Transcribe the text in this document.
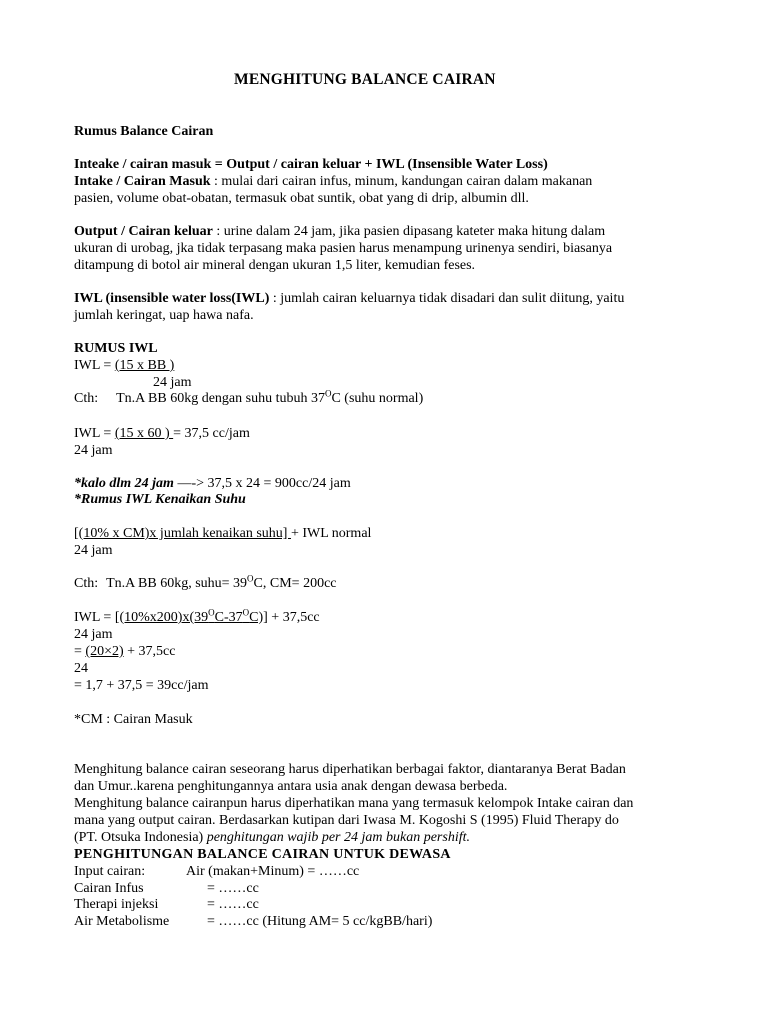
MENGHITUNG BALANCE CAIRAN
Rumus Balance Cairan
Inteake / cairan masuk = Output / cairan keluar + IWL (Insensible Water Loss)
Intake / Cairan Masuk : mulai dari cairan infus, minum, kandungan cairan dalam makanan
pasien, volume obat-obatan, termasuk obat suntik, obat yang di drip, albumin dll.
Output / Cairan keluar : urine dalam 24 jam, jika pasien dipasang kateter maka hitung dalam
ukuran di urobag, jka tidak terpasang maka pasien harus menampung urinenya sendiri, biasanya
ditampung di botol air mineral dengan ukuran 1,5 liter, kemudian feses.
IWL (insensible water loss(IWL) : jumlah cairan keluarnya tidak disadari dan sulit diitung, yaitu
jumlah keringat, uap hawa nafa.
RUMUS IWL
IWL = (15 x BB )
24 jam
Cth: Tn.A BB 60kg dengan suhu tubuh $37^OC$ (suhu normal)
IWL = (15 x 60 ) = 37,5 cc/jam
24 jam
*kalo dlm 24 jam —-> 37,5 x 24 = 900cc/24 jam
*Rumus IWL Kenaikan Suhu
[(10% x CM)x jumlah kenaikan suhu] + IWL normal
24 jam
Cth: Tn.A BB 60kg, suhu= $39^OC$, CM= 200cc
IWL = $[(10\%x200)x(39^OC-37^OC)] + 37,5cc$
24 jam
= (20×2) + 37,5cc
24
= 1,7 + 37,5 = 39cc/jam
*CM : Cairan Masuk
Menghitung balance cairan seseorang harus diperhatikan berbagai faktor, diantaranya Berat Badan
dan Umur..karena penghitungannya antara usia anak dengan dewasa berbeda.
Menghitung balance cairanpun harus diperhatikan mana yang termasuk kelompok Intake cairan dan
mana yang output cairan. Berdasarkan kutipan dari Iwasa M. Kogoshi S (1995) Fluid Therapy do
(PT. Otsuka Indonesia) penghitungan wajib per 24 jam bukan pershift.
PENGHITUNGAN BALANCE CAIRAN UNTUK DEWASA
Input cairan:	Air (makan+Minum) = ……cc
Cairan Infus	= ……cc
Therapi injeksi	= ……cc
Air Metabolisme	= ……cc (Hitung AM= 5 cc/kgBB/hari)
